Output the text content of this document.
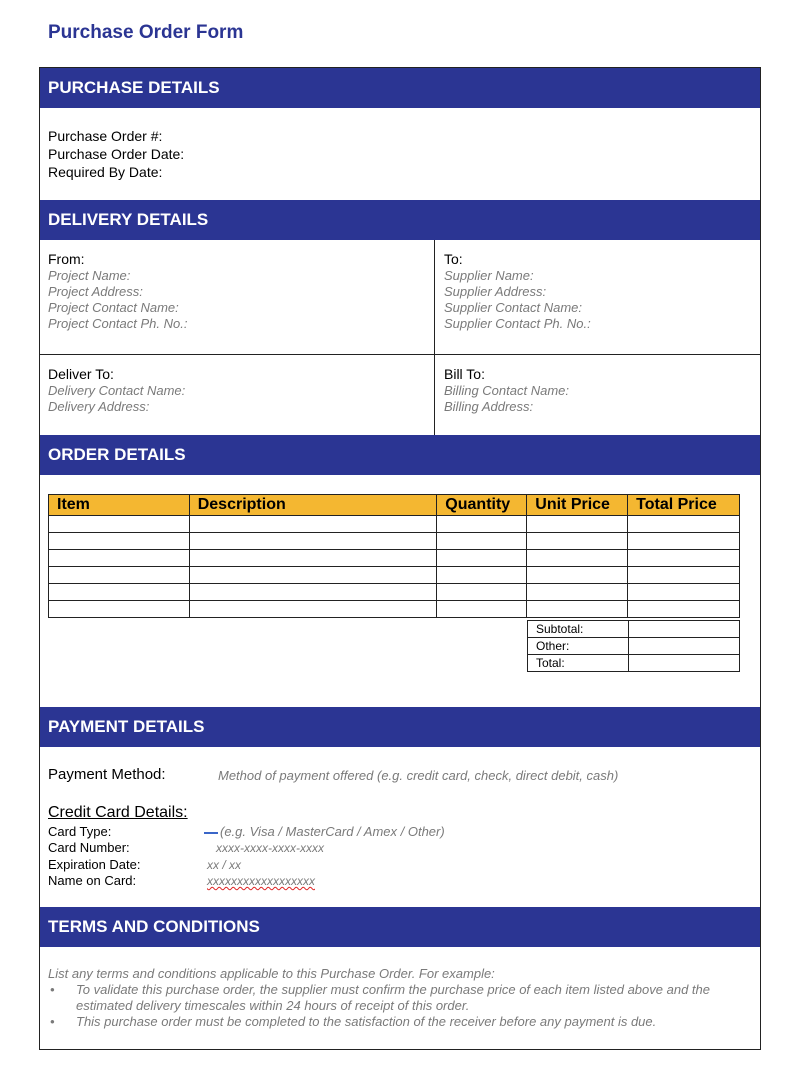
Purchase Order Form
PURCHASE DETAILS
Purchase Order #:
Purchase Order Date:
Required By Date:
DELIVERY DETAILS
From:
Project Name:
Project Address:
Project Contact Name:
Project Contact Ph. No.:
To:
Supplier Name:
Supplier Address:
Supplier Contact Name:
Supplier Contact Ph. No.:
Deliver To:
Delivery Contact Name:
Delivery Address:
Bill To:
Billing Contact Name:
Billing Address:
ORDER DETAILS
Item	Description	Quantity	Unit Price	Total Price

Subtotal:	
Other:	
Total:	
PAYMENT DETAILS
Payment Method:	Method of payment offered (e.g. credit card, check, direct debit, cash)
Credit Card Details:
Card Type:	(e.g. Visa / MasterCard / Amex / Other)
Card Number:	xxxx-xxxx-xxxx-xxxx
Expiration Date:	xx / xx
Name on Card:	xxxxxxxxxxxxxxxxxx
TERMS AND CONDITIONS
List any terms and conditions applicable to this Purchase Order. For example:
• To validate this purchase order, the supplier must confirm the purchase price of each item listed above and the estimated delivery timescales within 24 hours of receipt of this order.
• This purchase order must be completed to the satisfaction of the receiver before any payment is due.
